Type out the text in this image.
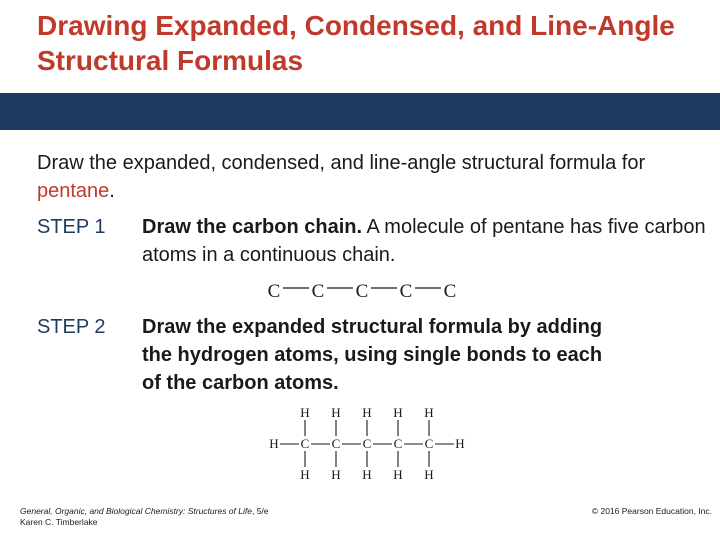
Drawing Expanded, Condensed, and Line-Angle Structural Formulas

Draw the expanded, condensed, and line-angle structural formula for pentane.

STEP 1	Draw the carbon chain. A molecule of pentane has five carbon atoms in a continuous chain.
C C C C C
STEP 2	Draw the expanded structural formula by adding the hydrogen atoms, using single bonds to each of the carbon atoms.
H	H
C
H
H
C
H
H
C
H
H
C
H
H
C
H
H
General, Organic, and Biological Chemistry: Structures of Life, 5/e
Karen C. Timberlake
© 2016 Pearson Education, Inc.
